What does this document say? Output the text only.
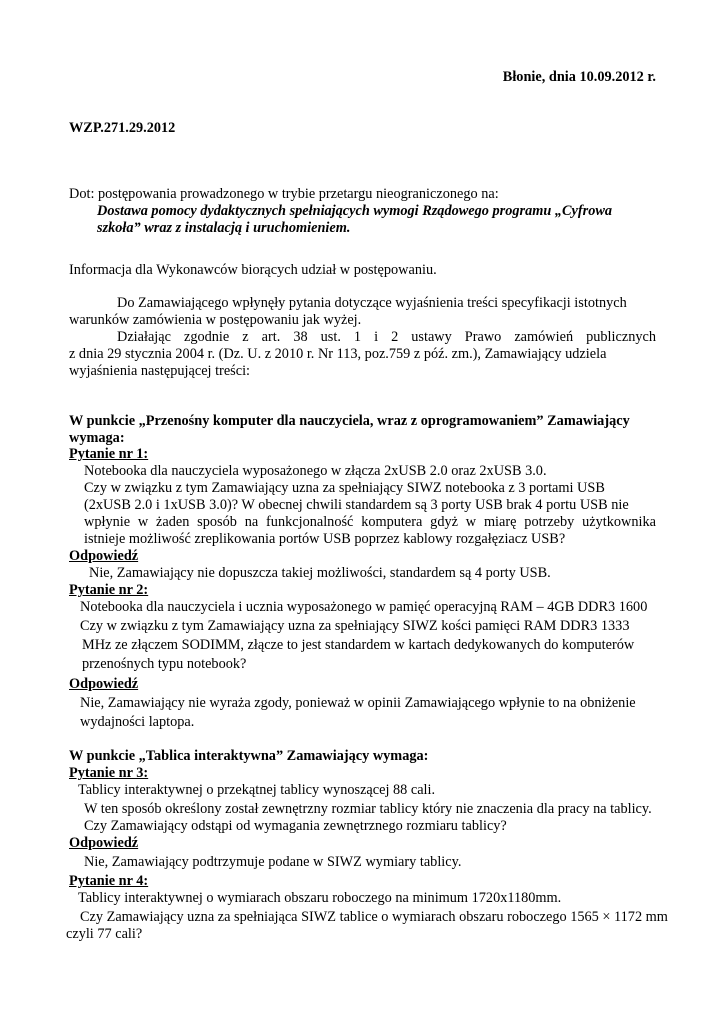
Błonie, dnia 10.09.2012 r.
WZP.271.29.2012
Dot: postępowania prowadzonego w trybie przetargu nieograniczonego na:
Dostawa pomocy dydaktycznych spełniających wymogi Rządowego programu „Cyfrowa
szkoła” wraz z instalacją i uruchomieniem.
Informacja dla Wykonawców biorących udział w postępowaniu.
Do Zamawiającego wpłynęły pytania dotyczące wyjaśnienia treści specyfikacji istotnych
warunków zamówienia w postępowaniu jak wyżej.
Działając zgodnie z art. 38 ust. 1 i 2 ustawy Prawo zamówień publicznych
z dnia 29 stycznia 2004 r. (Dz. U. z 2010 r. Nr 113, poz.759 z póź. zm.), Zamawiający udziela
wyjaśnienia następującej treści:
W punkcie „Przenośny komputer dla nauczyciela, wraz z oprogramowaniem” Zamawiający
wymaga:
Pytanie nr 1:
Notebooka dla nauczyciela wyposażonego w złącza 2xUSB 2.0 oraz 2xUSB 3.0.
Czy w związku z tym Zamawiający uzna za spełniający SIWZ notebooka z 3 portami USB
(2xUSB 2.0 i 1xUSB 3.0)? W obecnej chwili standardem są 3 porty USB brak 4 portu USB nie
wpłynie w żaden sposób na funkcjonalność komputera gdyż w miarę potrzeby użytkownika
istnieje możliwość zreplikowania portów USB poprzez kablowy rozgałęziacz USB?
Odpowiedź
Nie, Zamawiający nie dopuszcza takiej możliwości, standardem są 4 porty USB.
Pytanie nr 2:
Notebooka dla nauczyciela i ucznia wyposażonego w pamięć operacyjną RAM – 4GB DDR3 1600
Czy w związku z tym Zamawiający uzna za spełniający SIWZ kości pamięci RAM DDR3 1333
MHz ze złączem SODIMM, złącze to jest standardem w kartach dedykowanych do komputerów
przenośnych typu notebook?
Odpowiedź
Nie, Zamawiający nie wyraża zgody, ponieważ w opinii Zamawiającego wpłynie to na obniżenie
wydajności laptopa.
W punkcie „Tablica interaktywna” Zamawiający wymaga:
Pytanie nr 3:
Tablicy interaktywnej o przekątnej tablicy wynoszącej 88 cali.
W ten sposób określony został zewnętrzny rozmiar tablicy który nie znaczenia dla pracy na tablicy.
Czy Zamawiający odstąpi od wymagania zewnętrznego rozmiaru tablicy?
Odpowiedź
Nie, Zamawiający podtrzymuje podane w SIWZ wymiary tablicy.
Pytanie nr 4:
Tablicy interaktywnej o wymiarach obszaru roboczego na minimum 1720x1180mm.
Czy Zamawiający uzna za spełniająca SIWZ tablice o wymiarach obszaru roboczego 1565 × 1172 mm
czyli 77 cali?
